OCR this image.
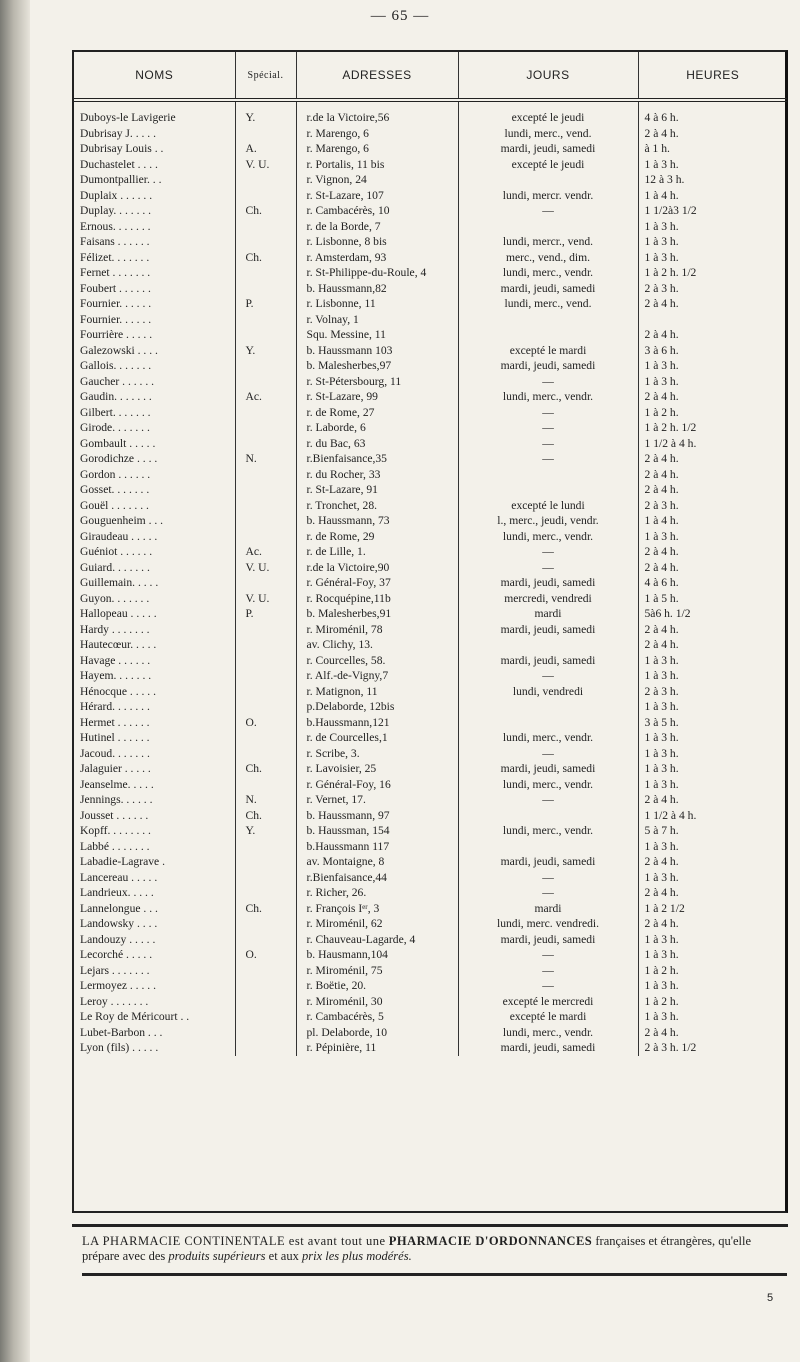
— 65 —
NOMS	Spécial.	ADRESSES	JOURS	HEURES
Duboys-le Lavigerie	Y.	r.de la Victoire,56	excepté le jeudi	4 à 6 h.
Dubrisay J. . . . .		r. Marengo, 6	lundi, merc., vend.	2 à 4 h.
Dubrisay Louis . .	A.	r. Marengo, 6	mardi, jeudi, samedi	à 1 h.
Duchastelet . . . .	V. U.	r. Portalis, 11 bis	excepté le jeudi	1 à 3 h.
Dumontpallier. . .		r. Vignon, 24		12 à 3 h.
Duplaix . . . . . .		r. St-Lazare, 107	lundi, mercr. vendr.	1 à 4 h.
Duplay. . . . . . .	Ch.	r. Cambacérès, 10	—	1 1/2à3 1/2
Ernous. . . . . . .		r. de la Borde, 7		1 à 3 h.
Faisans . . . . . .		r. Lisbonne, 8 bis	lundi, mercr., vend.	1 à 3 h.
Félizet. . . . . . .	Ch.	r. Amsterdam, 93	merc., vend., dim.	1 à 3 h.
Fernet . . . . . . .		r. St-Philippe-du-Roule, 4	lundi, merc., vendr.	1 à 2 h. 1/2
Foubert . . . . . .		b. Haussmann,82	mardi, jeudi, samedi	2 à 3 h.
Fournier. . . . . .	P.	r. Lisbonne, 11	lundi, merc., vend.	2 à 4 h.
Fournier. . . . . .		r. Volnay, 1		
Fourrière . . . . .		Squ. Messine, 11		2 à 4 h.
Galezowski . . . .	Y.	b. Haussmann 103	excepté le mardi	3 à 6 h.
Gallois. . . . . . .		b. Malesherbes,97	mardi, jeudi, samedi	1 à 3 h.
Gaucher . . . . . .		r. St-Pétersbourg, 11	—	1 à 3 h.
Gaudin. . . . . . .	Ac.	r. St-Lazare, 99	lundi, merc., vendr.	2 à 4 h.
Gilbert. . . . . . .		r. de Rome, 27	—	1 à 2 h.
Girode. . . . . . .		r. Laborde, 6	—	1 à 2 h. 1/2
Gombault . . . . .		r. du Bac, 63	—	1 1/2 à 4 h.
Gorodichze . . . .	N.	r.Bienfaisance,35	—	2 à 4 h.
Gordon . . . . . .		r. du Rocher, 33		2 à 4 h.
Gosset. . . . . . .		r. St-Lazare, 91		2 à 4 h.
Gouël . . . . . . .		r. Tronchet, 28.	excepté le lundi	2 à 3 h.
Gouguenheim . . .		b. Haussmann, 73	l., merc., jeudi, vendr.	1 à 4 h.
Giraudeau . . . . .		r. de Rome, 29	lundi, merc., vendr.	1 à 3 h.
Guéniot . . . . . .	Ac.	r. de Lille, 1.	—	2 à 4 h.
Guiard. . . . . . .	V. U.	r.de la Victoire,90	—	2 à 4 h.
Guillemain. . . . .		r. Général-Foy, 37	mardi, jeudi, samedi	4 à 6 h.
Guyon. . . . . . .	V. U.	r. Rocquépine,11b	mercredi, vendredi	1 à 5 h.
Hallopeau . . . . .	P.	b. Malesherbes,91	mardi	5à6 h. 1/2
Hardy . . . . . . .		r. Miroménil, 78	mardi, jeudi, samedi	2 à 4 h.
Hautecœur. . . . .		av. Clichy, 13.		2 à 4 h.
Havage . . . . . .		r. Courcelles, 58.	mardi, jeudi, samedi	1 à 3 h.
Hayem. . . . . . .		r. Alf.-de-Vigny,7	—	1 à 3 h.
Hénocque . . . . .		r. Matignon, 11	lundi, vendredi	2 à 3 h.
Hérard. . . . . . .		p.Delaborde, 12bis		1 à 3 h.
Hermet . . . . . .	O.	b.Haussmann,121		3 à 5 h.
Hutinel . . . . . .		r. de Courcelles,1	lundi, merc., vendr.	1 à 3 h.
Jacoud. . . . . . .		r. Scribe, 3.	—	1 à 3 h.
Jalaguier . . . . .	Ch.	r. Lavoisier, 25	mardi, jeudi, samedi	1 à 3 h.
Jeanselme. . . . .		r. Général-Foy, 16	lundi, merc., vendr.	1 à 3 h.
Jennings. . . . . .	N.	r. Vernet, 17.	—	2 à 4 h.
Jousset . . . . . .	Ch.	b. Haussmann, 97		1 1/2 à 4 h.
Kopff. . . . . . . .	Y.	b. Haussman, 154	lundi, merc., vendr.	5 à 7 h.
Labbé . . . . . . .		b.Haussmann 117		1 à 3 h.
Labadie-Lagrave .		av. Montaigne, 8	mardi, jeudi, samedi	2 à 4 h.
Lancereau . . . . .		r.Bienfaisance,44	—	1 à 3 h.
Landrieux. . . . .		r. Richer, 26.	—	2 à 4 h.
Lannelongue . . .	Ch.	r. François Iᵉʳ, 3	mardi	1 à 2 1/2
Landowsky . . . .		r. Miroménil, 62	lundi, merc. vendredi.	2 à 4 h.
Landouzy . . . . .		r. Chauveau-Lagarde, 4	mardi, jeudi, samedi	1 à 3 h.
Lecorché . . . . .	O.	b. Hausmann,104	—	1 à 3 h.
Lejars . . . . . . .		r. Miroménil, 75	—	1 à 2 h.
Lermoyez . . . . .		r. Boëtie, 20.	—	1 à 3 h.
Leroy . . . . . . .		r. Miroménil, 30	excepté le mercredi	1 à 2 h.
Le Roy de Méricourt . .		r. Cambacérès, 5	excepté le mardi	1 à 3 h.
Lubet-Barbon . . .		pl. Delaborde, 10	lundi, merc., vendr.	2 à 4 h.
Lyon (fils) . . . . .		r. Pépinière, 11	mardi, jeudi, samedi	2 à 3 h. 1/2
LA PHARMACIE CONTINENTALE est avant tout une PHARMACIE D'ORDONNANCES françaises et étrangères, qu'elle prépare avec des produits supérieurs et aux prix les plus modérés.
5
